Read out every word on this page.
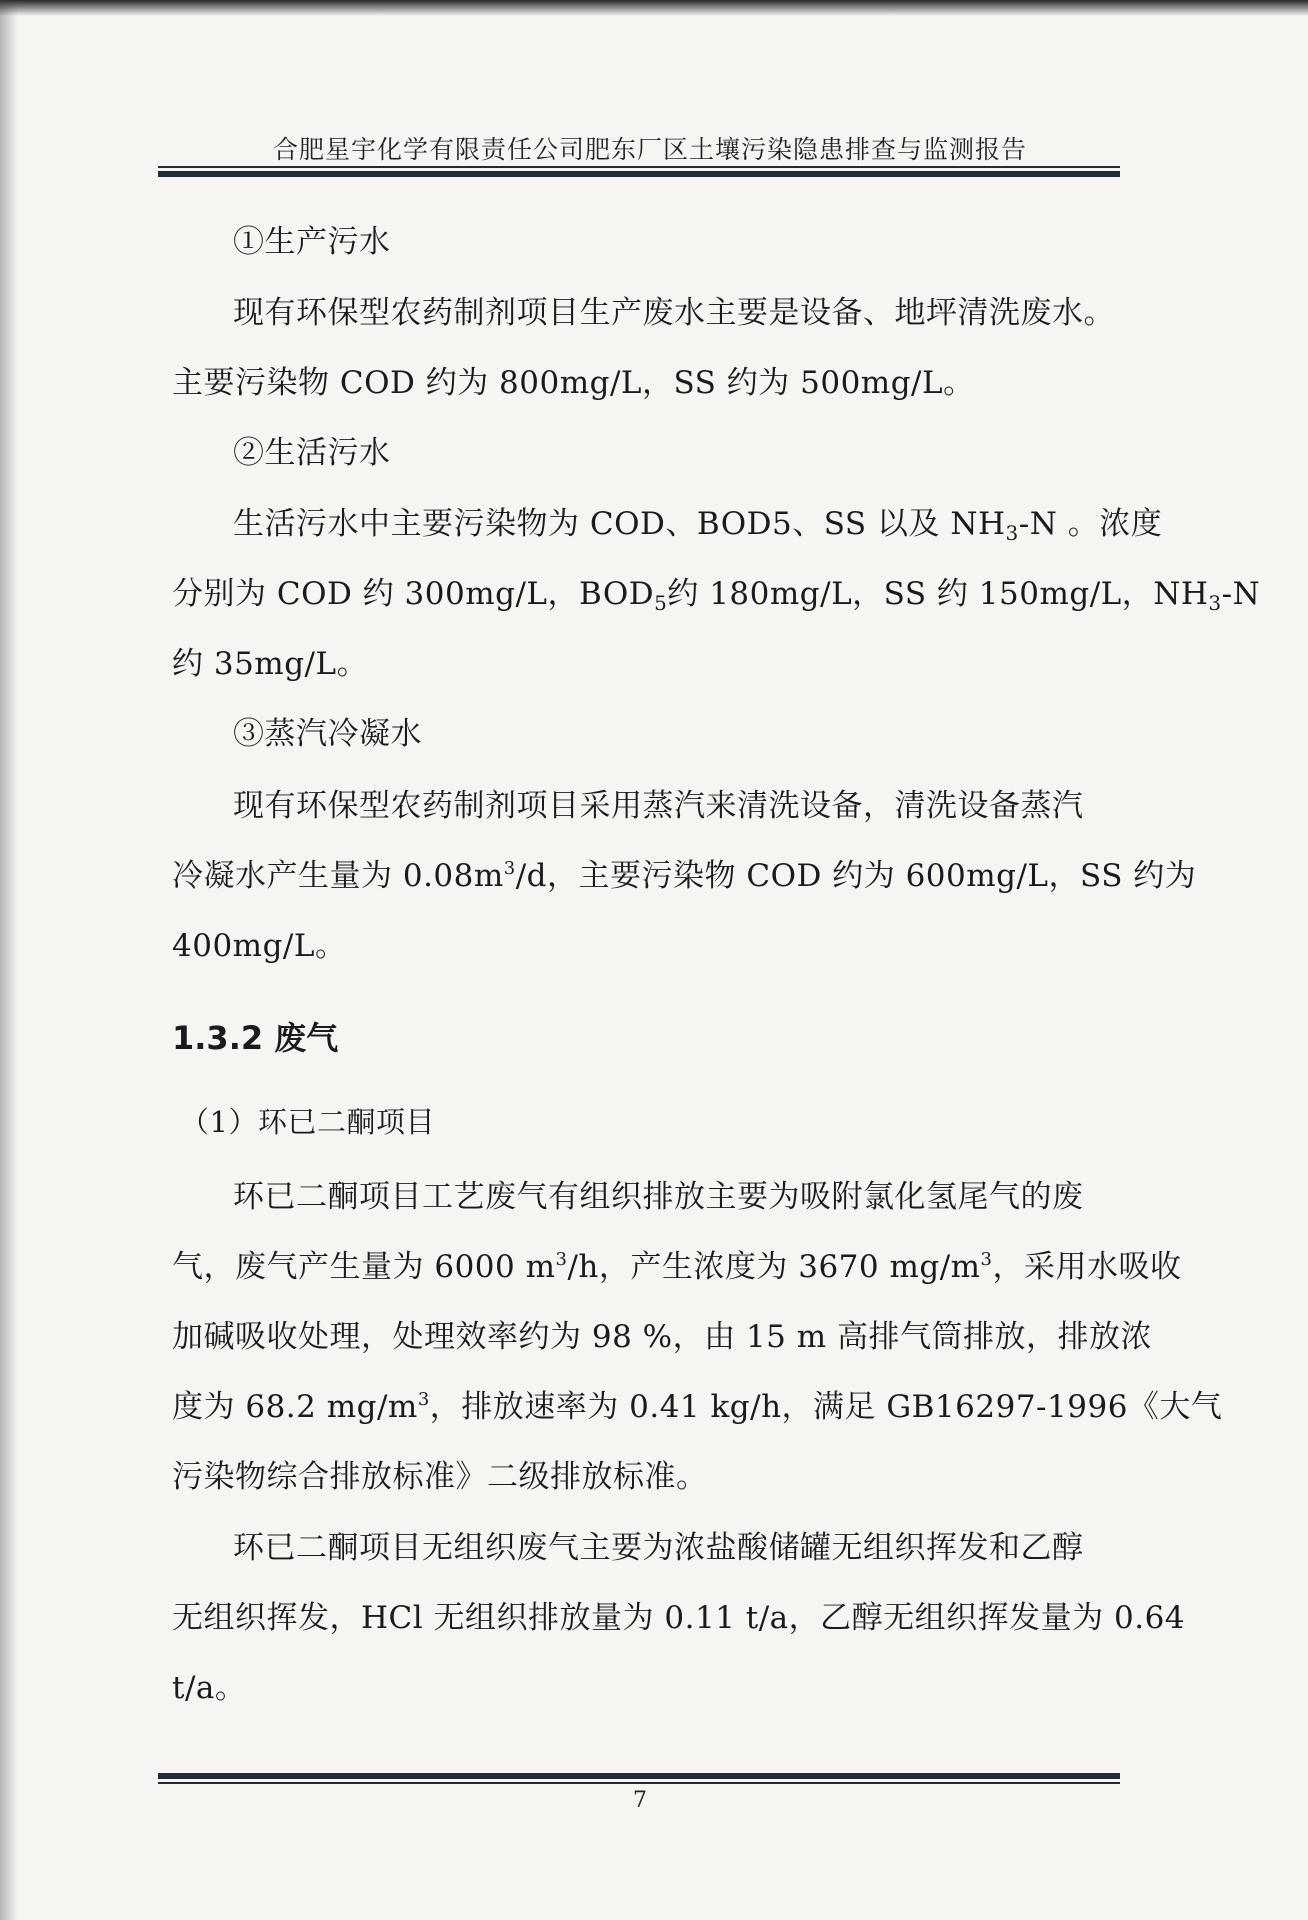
合肥星宇化学有限责任公司肥东厂区土壤污染隐患排查与监测报告
①生产污水
现有环保型农药制剂项目生产废水主要是设备、地坪清洗废水。
主要污染物 COD 约为 800mg/L，SS 约为 500mg/L。
②生活污水
生活污水中主要污染物为 COD、BOD5、SS 以及 $NH_3-N$ 。浓度
分别为 COD 约 300mg/L，$BOD_5$约 180mg/L，SS 约 150mg/L，$NH_3-N$
约 35mg/L。
③蒸汽冷凝水
现有环保型农药制剂项目采用蒸汽来清洗设备，清洗设备蒸汽
冷凝水产生量为 $0.08m^3/d$，主要污染物 COD 约为 600mg/L，SS 约为
400mg/L。
1.3.2 废气
（1）环已二酮项目
环已二酮项目工艺废气有组织排放主要为吸附氯化氢尾气的废
气，废气产生量为 6000 $m^3/h$，产生浓度为 3670 $mg/m^3$，采用水吸收
加碱吸收处理，处理效率约为 98 %，由 15 m 高排气筒排放，排放浓
度为 68.2 $mg/m^3$，排放速率为 0.41 kg/h，满足 GB16297-1996《大气
污染物综合排放标准》二级排放标准。
环已二酮项目无组织废气主要为浓盐酸储罐无组织挥发和乙醇
无组织挥发，HCl 无组织排放量为 0.11 t/a，乙醇无组织挥发量为 0.64
t/a。
7
